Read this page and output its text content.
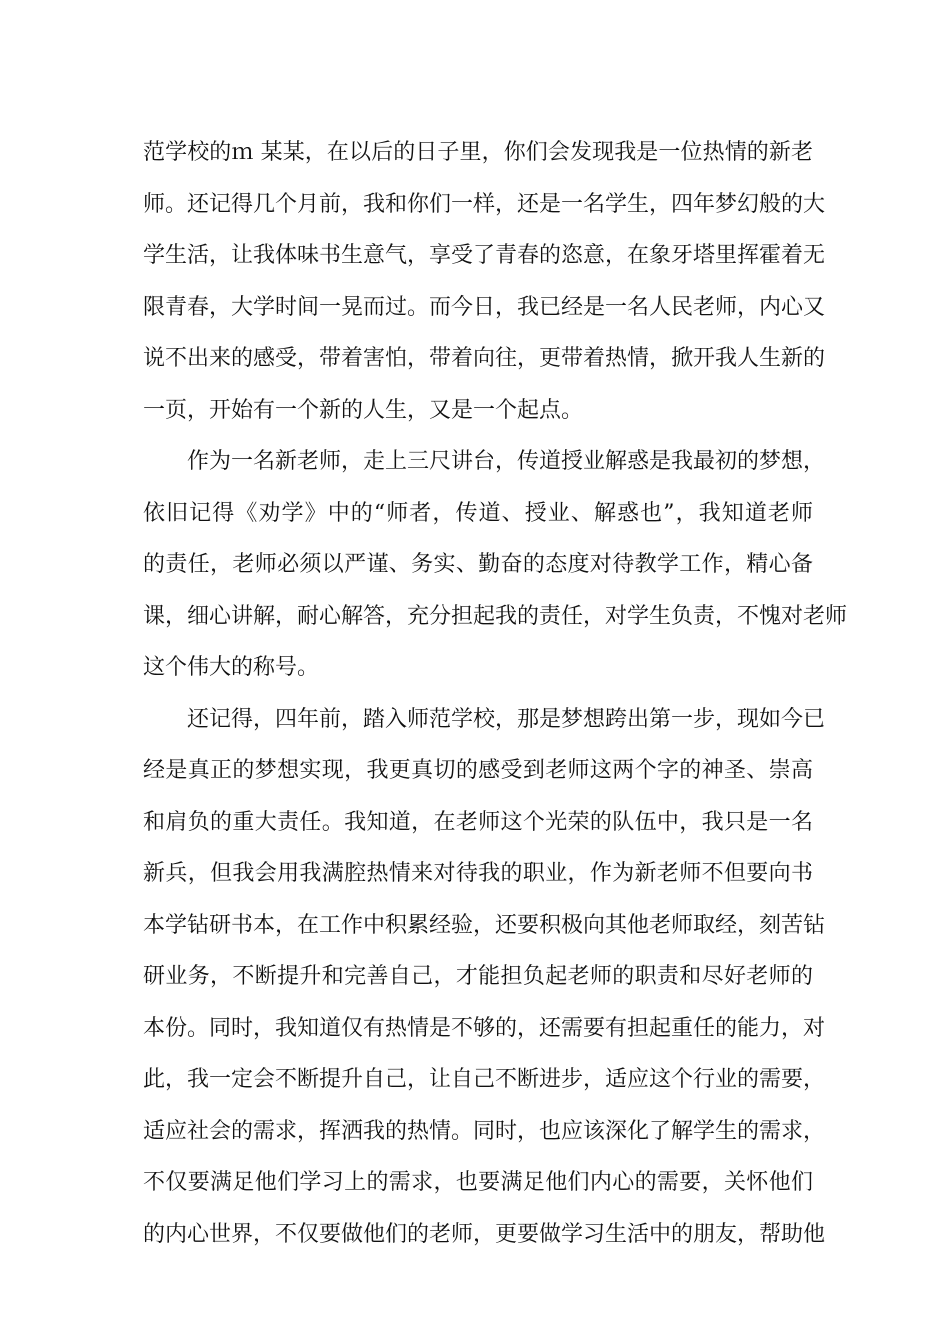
范学校的ｍ 某某，在以后的日子里，你们会发现我是一位热情的新老
师。还记得几个月前，我和你们一样，还是一名学生，四年梦幻般的大
学生活，让我体味书生意气，享受了青春的恣意，在象牙塔里挥霍着无
限青春，大学时间一晃而过。而今日，我已经是一名人民老师，内心又
说不出来的感受，带着害怕，带着向往，更带着热情，掀开我人生新的
一页，开始有一个新的人生，又是一个起点。
作为一名新老师，走上三尺讲台，传道授业解惑是我最初的梦想，
依旧记得《劝学》中的“师者，传道、授业、解惑也”，我知道老师
的责任，老师必须以严谨、务实、勤奋的态度对待教学工作，精心备
课，细心讲解，耐心解答，充分担起我的责任，对学生负责，不愧对老师
这个伟大的称号。
还记得，四年前，踏入师范学校，那是梦想跨出第一步，现如今已
经是真正的梦想实现，我更真切的感受到老师这两个字的神圣、崇高
和肩负的重大责任。我知道，在老师这个光荣的队伍中，我只是一名
新兵，但我会用我满腔热情来对待我的职业，作为新老师不但要向书
本学钻研书本，在工作中积累经验，还要积极向其他老师取经，刻苦钻
研业务，不断提升和完善自己，才能担负起老师的职责和尽好老师的
本份。同时，我知道仅有热情是不够的，还需要有担起重任的能力，对
此，我一定会不断提升自己，让自己不断进步，适应这个行业的需要，
适应社会的需求，挥洒我的热情。同时，也应该深化了解学生的需求，
不仅要满足他们学习上的需求，也要满足他们内心的需要，关怀他们
的内心世界，不仅要做他们的老师，更要做学习生活中的朋友，帮助他
